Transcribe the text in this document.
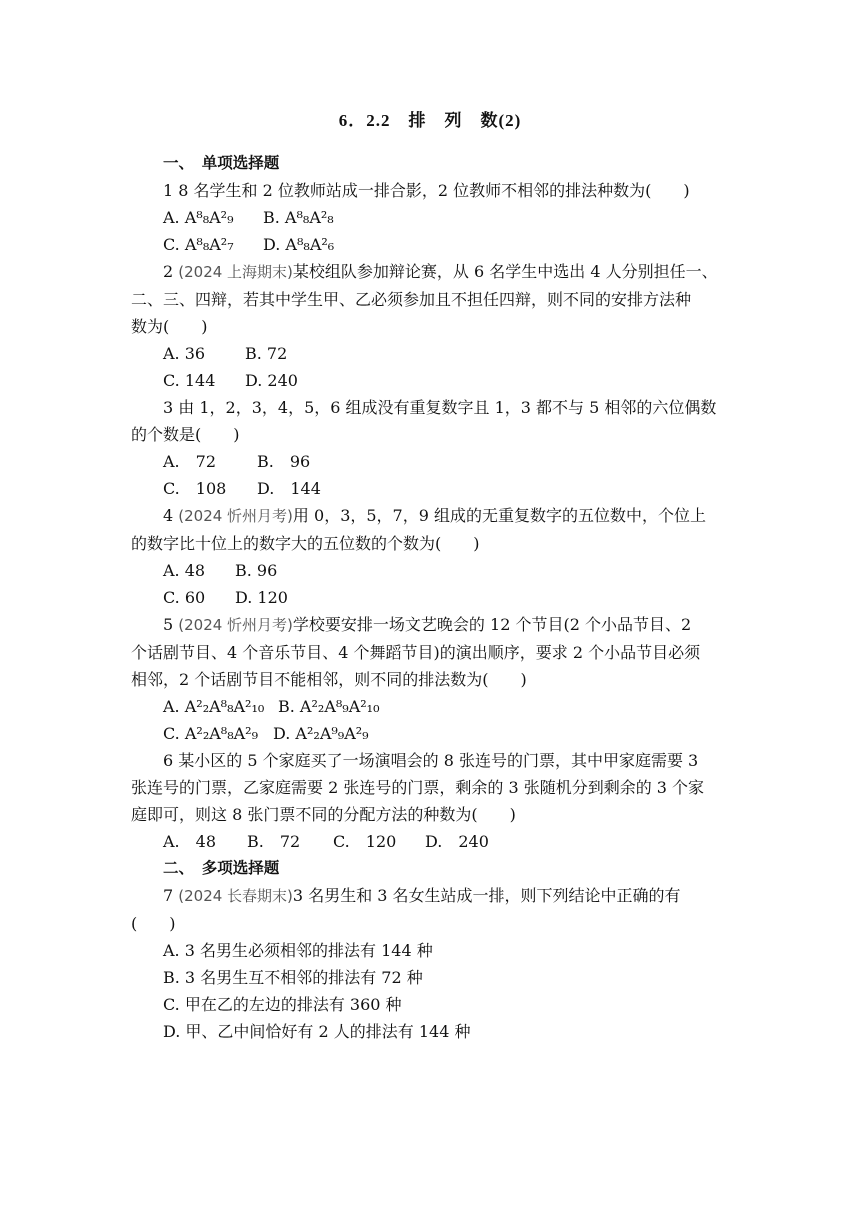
6．2.2　排　列　数(2)
一、　单项选择题
1 8 名学生和 2 位教师站成一排合影，2 位教师不相邻的排法种数为(　　)
A. A⁸₈A²₉ B. A⁸₈A²₈
C. A⁸₈A²₇ D. A⁸₈A²₆
2 (2024 上海期末)某校组队参加辩论赛，从 6 名学生中选出 4 人分别担任一、
二、三、四辩，若其中学生甲、乙必须参加且不担任四辩，则不同的安排方法种
数为(　　)
A. 36 B. 72
C. 144 D. 240
3 由 1，2，3，4，5，6 组成没有重复数字且 1，3 都不与 5 相邻的六位偶数
的个数是(　　)
A.　72	B.　96
C.　108 D.　144
4 (2024 忻州月考)用 0，3，5，7，9 组成的无重复数字的五位数中，个位上
的数字比十位上的数字大的五位数的个数为(　　)
A. 48 B. 96
C. 60 D. 120
5 (2024 忻州月考)学校要安排一场文艺晚会的 12 个节目(2 个小品节目、2
个话剧节目、4 个音乐节目、4 个舞蹈节目)的演出顺序，要求 2 个小品节目必须
相邻，2 个话剧节目不能相邻，则不同的排法数为(　　)
A. A²₂A⁸₈A²₁₀ B. A²₂A⁸₉A²₁₀
C. A²₂A⁸₈A²₉ D. A²₂A⁹₉A²₉
6 某小区的 5 个家庭买了一场演唱会的 8 张连号的门票，其中甲家庭需要 3
张连号的门票，乙家庭需要 2 张连号的门票，剩余的 3 张随机分到剩余的 3 个家
庭即可，则这 8 张门票不同的分配方法的种数为(　　)
A.　48 B.　72 C.　120 D.　240
二、　多项选择题
7 (2024 长春期末)3 名男生和 3 名女生站成一排，则下列结论中正确的有
(　　)
A. 3 名男生必须相邻的排法有 144 种
B. 3 名男生互不相邻的排法有 72 种
C. 甲在乙的左边的排法有 360 种
D. 甲、乙中间恰好有 2 人的排法有 144 种
